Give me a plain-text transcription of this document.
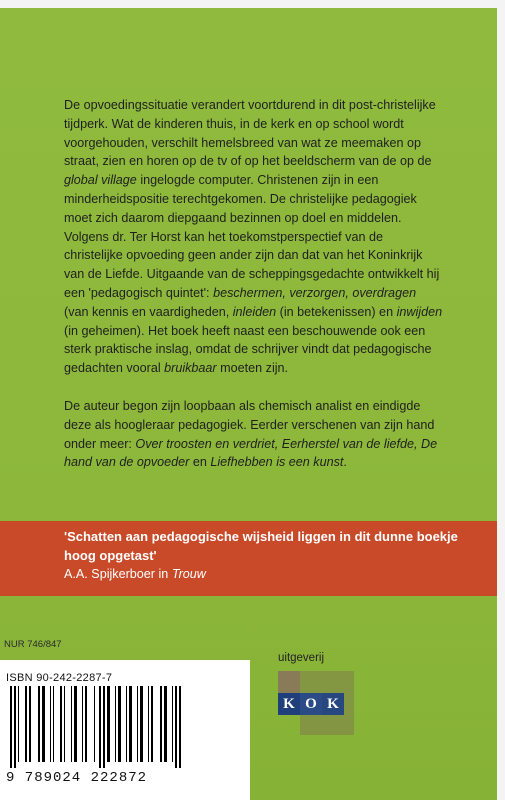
De opvoedingssituatie verandert voortdurend in dit post-christelijke tijdperk. Wat de kinderen thuis, in de kerk en op school wordt voorgehouden, verschilt hemelsbreed van wat ze meemaken op straat, zien en horen op de tv of op het beeldscherm van de op de global village ingelogde computer. Christenen zijn in een minderheidspositie terechtgekomen. De christelijke pedagogiek moet zich daarom diepgaand bezinnen op doel en middelen. Volgens dr. Ter Horst kan het toekomstperspectief van de christelijke opvoeding geen ander zijn dan dat van het Koninkrijk van de Liefde. Uitgaande van de scheppingsgedachte ontwikkelt hij een 'pedagogisch quintet': beschermen, verzorgen, overdragen (van kennis en vaardigheden, inleiden (in betekenissen) en inwijden (in geheimen). Het boek heeft naast een beschouwende ook een sterk praktische inslag, omdat de schrijver vindt dat pedagogische gedachten vooral bruikbaar moeten zijn.

De auteur begon zijn loopbaan als chemisch analist en eindigde deze als hoogleraar pedagogiek. Eerder verschenen van zijn hand onder meer: Over troosten en verdriet, Eerherstel van de liefde, De hand van de opvoeder en Liefhebben is een kunst.

'Schatten aan pedagogische wijsheid liggen in dit dunne boekje hoog opgetast'
A.A. Spijkerboer in Trouw
NUR 746/847
ISBN 90-242-2287-7
9 789024 222872
uitgeverij
K O K
